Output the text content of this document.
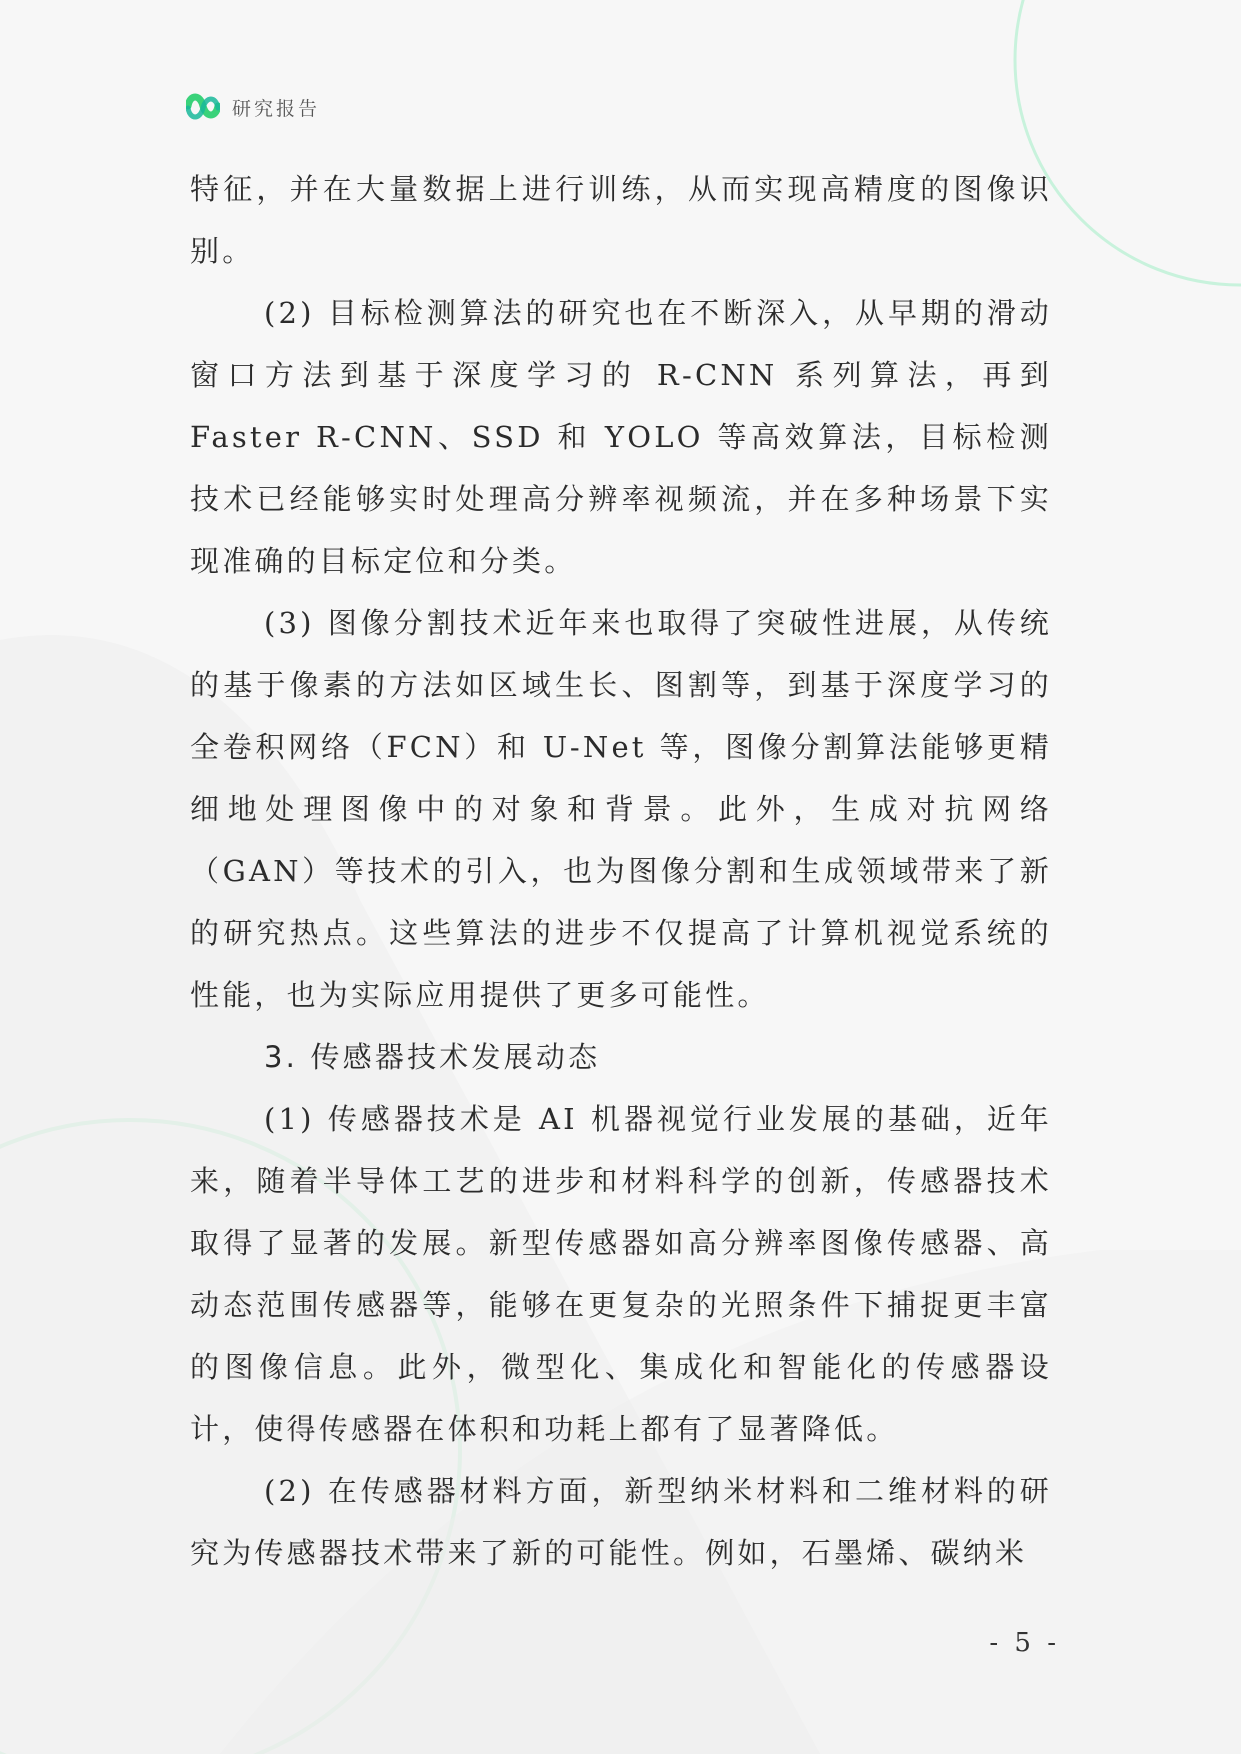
研究报告

特征，并在大量数据上进行训练，从而实现高精度的图像识别。

(2) 目标检测算法的研究也在不断深入，从早期的滑动窗口方法到基于深度学习的 R-CNN 系列算法，再到 Faster R-CNN、SSD 和 YOLO 等高效算法，目标检测技术已经能够实时处理高分辨率视频流，并在多种场景下实现准确的目标定位和分类。

(3) 图像分割技术近年来也取得了突破性进展，从传统的基于像素的方法如区域生长、图割等，到基于深度学习的全卷积网络（FCN）和 U-Net 等，图像分割算法能够更精细地处理图像中的对象和背景。此外，生成对抗网络（GAN）等技术的引入，也为图像分割和生成领域带来了新的研究热点。这些算法的进步不仅提高了计算机视觉系统的性能，也为实际应用提供了更多可能性。

3. 传感器技术发展动态

(1) 传感器技术是 AI 机器视觉行业发展的基础，近年来，随着半导体工艺的进步和材料科学的创新，传感器技术取得了显著的发展。新型传感器如高分辨率图像传感器、高动态范围传感器等，能够在更复杂的光照条件下捕捉更丰富的图像信息。此外，微型化、集成化和智能化的传感器设计，使得传感器在体积和功耗上都有了显著降低。

(2) 在传感器材料方面，新型纳米材料和二维材料的研究为传感器技术带来了新的可能性。例如，石墨烯、碳纳米

- 5 -
